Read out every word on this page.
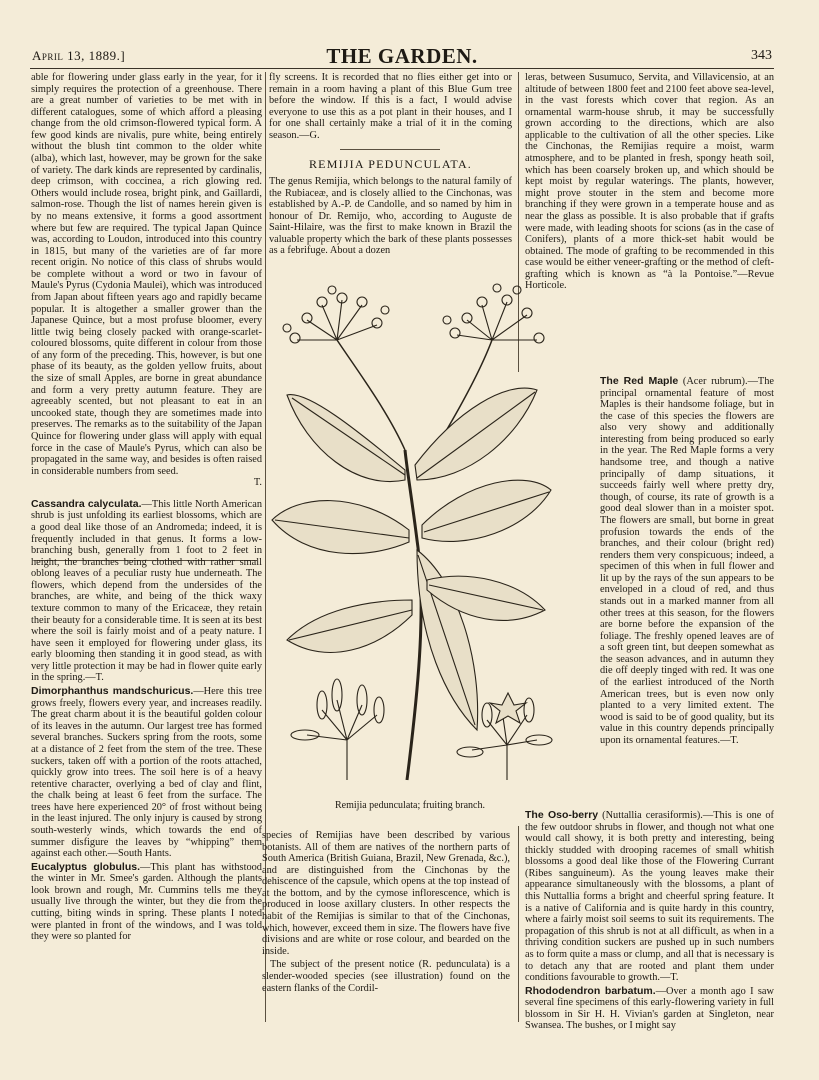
April 13, 1889.]	THE GARDEN.	343

able for flowering under glass early in the year, for it simply requires the protection of a greenhouse. There are a great number of varieties to be met with in different catalogues, some of which afford a pleasing change from the old crimson-flowered typical form. A few good kinds are nivalis, pure white, being entirely without the blush tint common to the older white (alba), which last, however, may be grown for the sake of variety. The dark kinds are represented by cardinalis, deep crimson, with coccinea, a rich glowing red. Others would include rosea, bright pink, and Gaillardi, salmon-rose. Though the list of names herein given is by no means extensive, it forms a good assortment where but few are required. The typical Japan Quince was, according to Loudon, introduced into this country in 1815, but many of the varieties are of far more recent origin. No notice of this class of shrubs would be complete without a word or two in favour of Maule's Pyrus (Cydonia Maulei), which was introduced from Japan about fifteen years ago and rapidly became popular. It is altogether a smaller grower than the Japanese Quince, but a most profuse bloomer, every little twig being closely packed with orange-scarlet-coloured blossoms, quite different in colour from those of any form of the preceding. This, however, is but one phase of its beauty, as the golden yellow fruits, about the size of small Apples, are borne in great abundance and form a very pretty autumn feature. They are agreeably scented, but not pleasant to eat in an uncooked state, though they are sometimes made into preserves. The remarks as to the suitability of the Japan Quince for flowering under glass will apply with equal force in the case of Maule's Pyrus, which can also be propagated in the same way, and besides is often raised in considerable numbers from seed.
T.

Cassandra calyculata.—This little North American shrub is just unfolding its earliest blossoms, which are a good deal like those of an Andromeda; indeed, it is frequently included in that genus. It forms a low-branching bush, generally from 1 foot to 2 feet in height, the branches being clothed with rather small oblong leaves of a peculiar rusty hue underneath. The flowers, which depend from the undersides of the branches, are white, and being of the thick waxy texture common to many of the Ericaceæ, they retain their beauty for a considerable time. It is seen at its best where the soil is fairly moist and of a peaty nature. I have seen it employed for flowering under glass, its early blooming then standing it in good stead, as with very little protection it may be had in flower quite early in the spring.—T.

Dimorphanthus mandschuricus.—Here this tree grows freely, flowers every year, and increases readily. The great charm about it is the beautiful golden colour of its leaves in the autumn. Our largest tree has formed several branches. Suckers spring from the roots, some at a distance of 2 feet from the stem of the tree. These suckers, taken off with a portion of the roots attached, quickly grow into trees. The soil here is of a heavy retentive character, overlying a bed of clay and flint, the chalk being at least 6 feet from the surface. The trees have here experienced 20° of frost without being in the least injured. The only injury is caused by strong south-westerly winds, which towards the end of summer disfigure the leaves by “whipping” them against each other.—South Hants.

Eucalyptus globulus.—This plant has withstood the winter in Mr. Smee's garden. Although the plants look brown and rough, Mr. Cummins tells me they usually live through the winter, but they die from the cutting, biting winds in spring. These plants I noted were planted in front of the windows, and I was told they were so planted for

fly screens. It is recorded that no flies either get into or remain in a room having a plant of this Blue Gum tree before the window. If this is a fact, I would advise everyone to use this as a pot plant in their houses, and I for one shall certainly make a trial of it in the coming season.—G.

REMIJIA PEDUNCULATA.

The genus Remijia, which belongs to the natural family of the Rubiaceæ, and is closely allied to the Cinchonas, was established by A.-P. de Candolle, and so named by him in honour of Dr. Remijo, who, according to Auguste de Saint-Hilaire, was the first to make known in Brazil the valuable property which the bark of these plants possesses as a febrifuge. About a dozen

leras, between Susumuco, Servita, and Villavicensio, at an altitude of between 1800 feet and 2100 feet above sea-level, in the vast forests which cover that region. As an ornamental warm-house shrub, it may be successfully grown according to the directions, which are also applicable to the cultivation of all the other species. Like the Cinchonas, the Remijias require a moist, warm atmosphere, and to be planted in fresh, spongy heath soil, which has been coarsely broken up, and which should be kept moist by regular waterings. The plants, however, might prove stouter in the stem and become more branching if they were grown in a temperate house and as near the glass as possible. It is also probable that if grafts were made, with leading shoots for scions (as in the case of Conifers), plants of a more thick-set habit would be obtained. The mode of grafting to be recommended in this case would be either veneer-grafting or the method of cleft-grafting which is known as “à la Pontoise.”—Revue Horticole.

Remijia pedunculata; fruiting branch.

species of Remijias have been described by various botanists. All of them are natives of the northern parts of South America (British Guiana, Brazil, New Grenada, &c.), and are distinguished from the Cinchonas by the dehiscence of the capsule, which opens at the top instead of at the bottom, and by the cymose inflorescence, which is produced in loose axillary clusters. In other respects the habit of the Remijias is similar to that of the Cinchonas, which, however, exceed them in size. The flowers have five divisions and are white or rose colour, and bearded on the inside.

The subject of the present notice (R. pedunculata) is a slender-wooded species (see illustration) found on the eastern flanks of the Cordil-

The Red Maple (Acer rubrum).—The principal ornamental feature of most Maples is their handsome foliage, but in the case of this species the flowers are also very showy and additionally interesting from being produced so early in the year. The Red Maple forms a very handsome tree, and though a native principally of damp situations, it succeeds fairly well where pretty dry, though, of course, its rate of growth is a good deal slower than in a moister spot. The flowers are small, but borne in great profusion towards the ends of the branches, and their colour (bright red) renders them very conspicuous; indeed, a specimen of this when in full flower and lit up by the rays of the sun appears to be enveloped in a cloud of red, and thus stands out in a marked manner from all other trees at this season, for the flowers are borne before the expansion of the foliage. The freshly opened leaves are of a soft green tint, but deepen somewhat as the season advances, and in autumn they die off deeply tinged with red. It was one of the earliest introduced of the North American trees, but is even now only planted to a very limited extent. The wood is said to be of good quality, but its value in this country depends principally upon its ornamental features.—T.

The Oso-berry (Nuttallia cerasiformis).—This is one of the few outdoor shrubs in flower, and though not what one would call showy, it is both pretty and interesting, being thickly studded with drooping racemes of small whitish blossoms a good deal like those of the Flowering Currant (Ribes sanguineum). As the young leaves make their appearance simultaneously with the blossoms, a plant of this Nuttallia forms a bright and cheerful spring feature. It is a native of California and is quite hardy in this country, where a fairly moist soil seems to suit its requirements. The propagation of this shrub is not at all difficult, as when in a thriving condition suckers are pushed up in such numbers as to form quite a mass or clump, and all that is necessary is to detach any that are rooted and plant them under conditions favourable to growth.—T.

Rhododendron barbatum.—Over a month ago I saw several fine specimens of this early-flowering variety in full blossom in Sir H. H. Vivian's garden at Singleton, near Swansea. The bushes, or I might say
